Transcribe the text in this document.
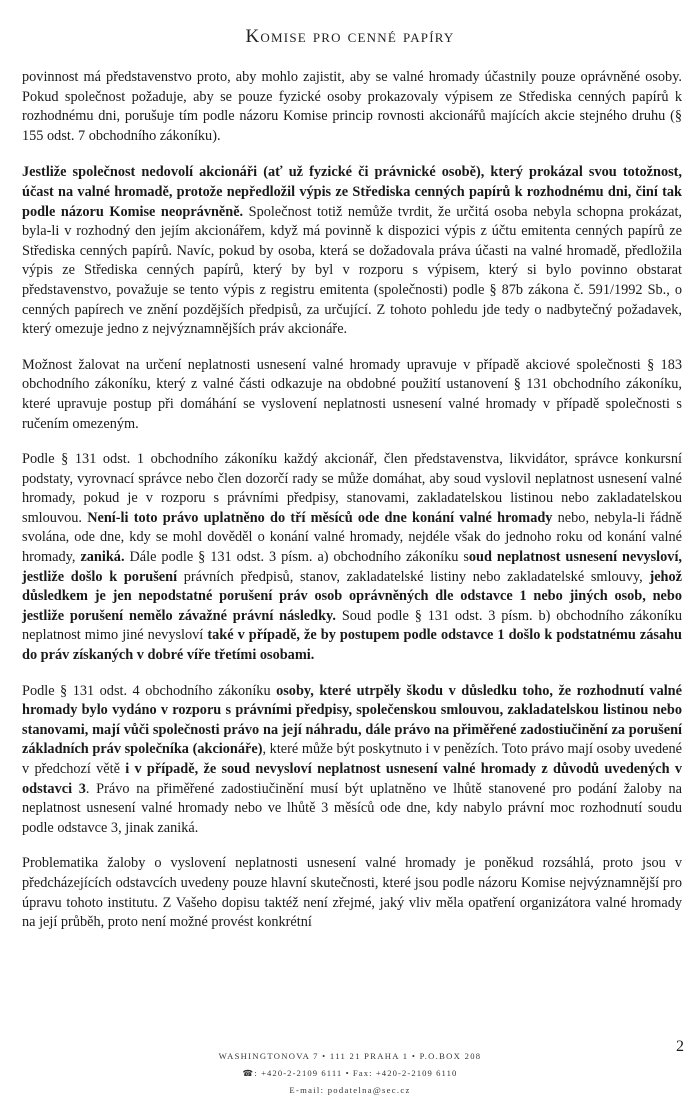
Komise pro cenné papíry

povinnost má představenstvo proto, aby mohlo zajistit, aby se valné hromady účastnily pouze oprávněné osoby. Pokud společnost požaduje, aby se pouze fyzické osoby prokazovaly výpisem ze Střediska cenných papírů k rozhodnému dni, porušuje tím podle názoru Komise princip rovnosti akcionářů majících akcie stejného druhu (§ 155 odst. 7 obchodního zákoníku).

Jestliže společnost nedovolí akcionáři (ať už fyzické či právnické osobě), který prokázal svou totožnost, účast na valné hromadě, protože nepředložil výpis ze Střediska cenných papírů k rozhodnému dni, činí tak podle názoru Komise neoprávněně. Společnost totiž nemůže tvrdit, že určitá osoba nebyla schopna prokázat, byla-li v rozhodný den jejím akcionářem, když má povinně k dispozici výpis z účtu emitenta cenných papírů ze Střediska cenných papírů. Navíc, pokud by osoba, která se dožadovala práva účasti na valné hromadě, předložila výpis ze Střediska cenných papírů, který by byl v rozporu s výpisem, který si bylo povinno obstarat představenstvo, považuje se tento výpis z registru emitenta (společnosti) podle § 87b zákona č. 591/1992 Sb., o cenných papírech ve znění pozdějších předpisů, za určující. Z tohoto pohledu jde tedy o nadbytečný požadavek, který omezuje jedno z nejvýznamnějších práv akcionáře.

Možnost žalovat na určení neplatnosti usnesení valné hromady upravuje v případě akciové společnosti § 183 obchodního zákoníku, který z valné části odkazuje na obdobné použití ustanovení § 131 obchodního zákoníku, které upravuje postup při domáhání se vyslovení neplatnosti usnesení valné hromady v případě společnosti s ručením omezeným.

Podle § 131 odst. 1 obchodního zákoníku každý akcionář, člen představenstva, likvidátor, správce konkursní podstaty, vyrovnací správce nebo člen dozorčí rady se může domáhat, aby soud vyslovil neplatnost usnesení valné hromady, pokud je v rozporu s právními předpisy, stanovami, zakladatelskou listinou nebo zakladatelskou smlouvou. Není-li toto právo uplatněno do tří měsíců ode dne konání valné hromady nebo, nebyla-li řádně svolána, ode dne, kdy se mohl dověděl o konání valné hromady, nejdéle však do jednoho roku od konání valné hromady, zaniká. Dále podle § 131 odst. 3 písm. a) obchodního zákoníku soud neplatnost usnesení nevysloví, jestliže došlo k porušení právních předpisů, stanov, zakladatelské listiny nebo zakladatelské smlouvy, jehož důsledkem je jen nepodstatné porušení práv osob oprávněných dle odstavce 1 nebo jiných osob, nebo jestliže porušení nemělo závažné právní následky. Soud podle § 131 odst. 3 písm. b) obchodního zákoníku neplatnost mimo jiné nevysloví také v případě, že by postupem podle odstavce 1 došlo k podstatnému zásahu do práv získaných v dobré víře třetími osobami.

Podle § 131 odst. 4 obchodního zákoníku osoby, které utrpěly škodu v důsledku toho, že rozhodnutí valné hromady bylo vydáno v rozporu s právními předpisy, společenskou smlouvou, zakladatelskou listinou nebo stanovami, mají vůči společnosti právo na její náhradu, dále právo na přiměřené zadostiučinění za porušení základních práv společníka (akcionáře), které může být poskytnuto i v penězích. Toto právo mají osoby uvedené v předchozí větě i v případě, že soud nevysloví neplatnost usnesení valné hromady z důvodů uvedených v odstavci 3. Právo na přiměřené zadostiučinění musí být uplatněno ve lhůtě stanovené pro podání žaloby na neplatnost usnesení valné hromady nebo ve lhůtě 3 měsíců ode dne, kdy nabylo právní moc rozhodnutí soudu podle odstavce 3, jinak zaniká.

Problematika žaloby o vyslovení neplatnosti usnesení valné hromady je poněkud rozsáhlá, proto jsou v předcházejících odstavcích uvedeny pouze hlavní skutečnosti, které jsou podle názoru Komise nejvýznamnější pro úpravu tohoto institutu. Z Vašeho dopisu taktéž není zřejmé, jaký vliv měla opatření organizátora valné hromady na její průběh, proto není možné provést konkrétní

2
WASHINGTONOVA 7 • 111 21 PRAHA 1 • P.O.BOX 208
☎: +420-2-2109 6111 • Fax: +420-2-2109 6110
E-mail: podatelna@sec.cz
